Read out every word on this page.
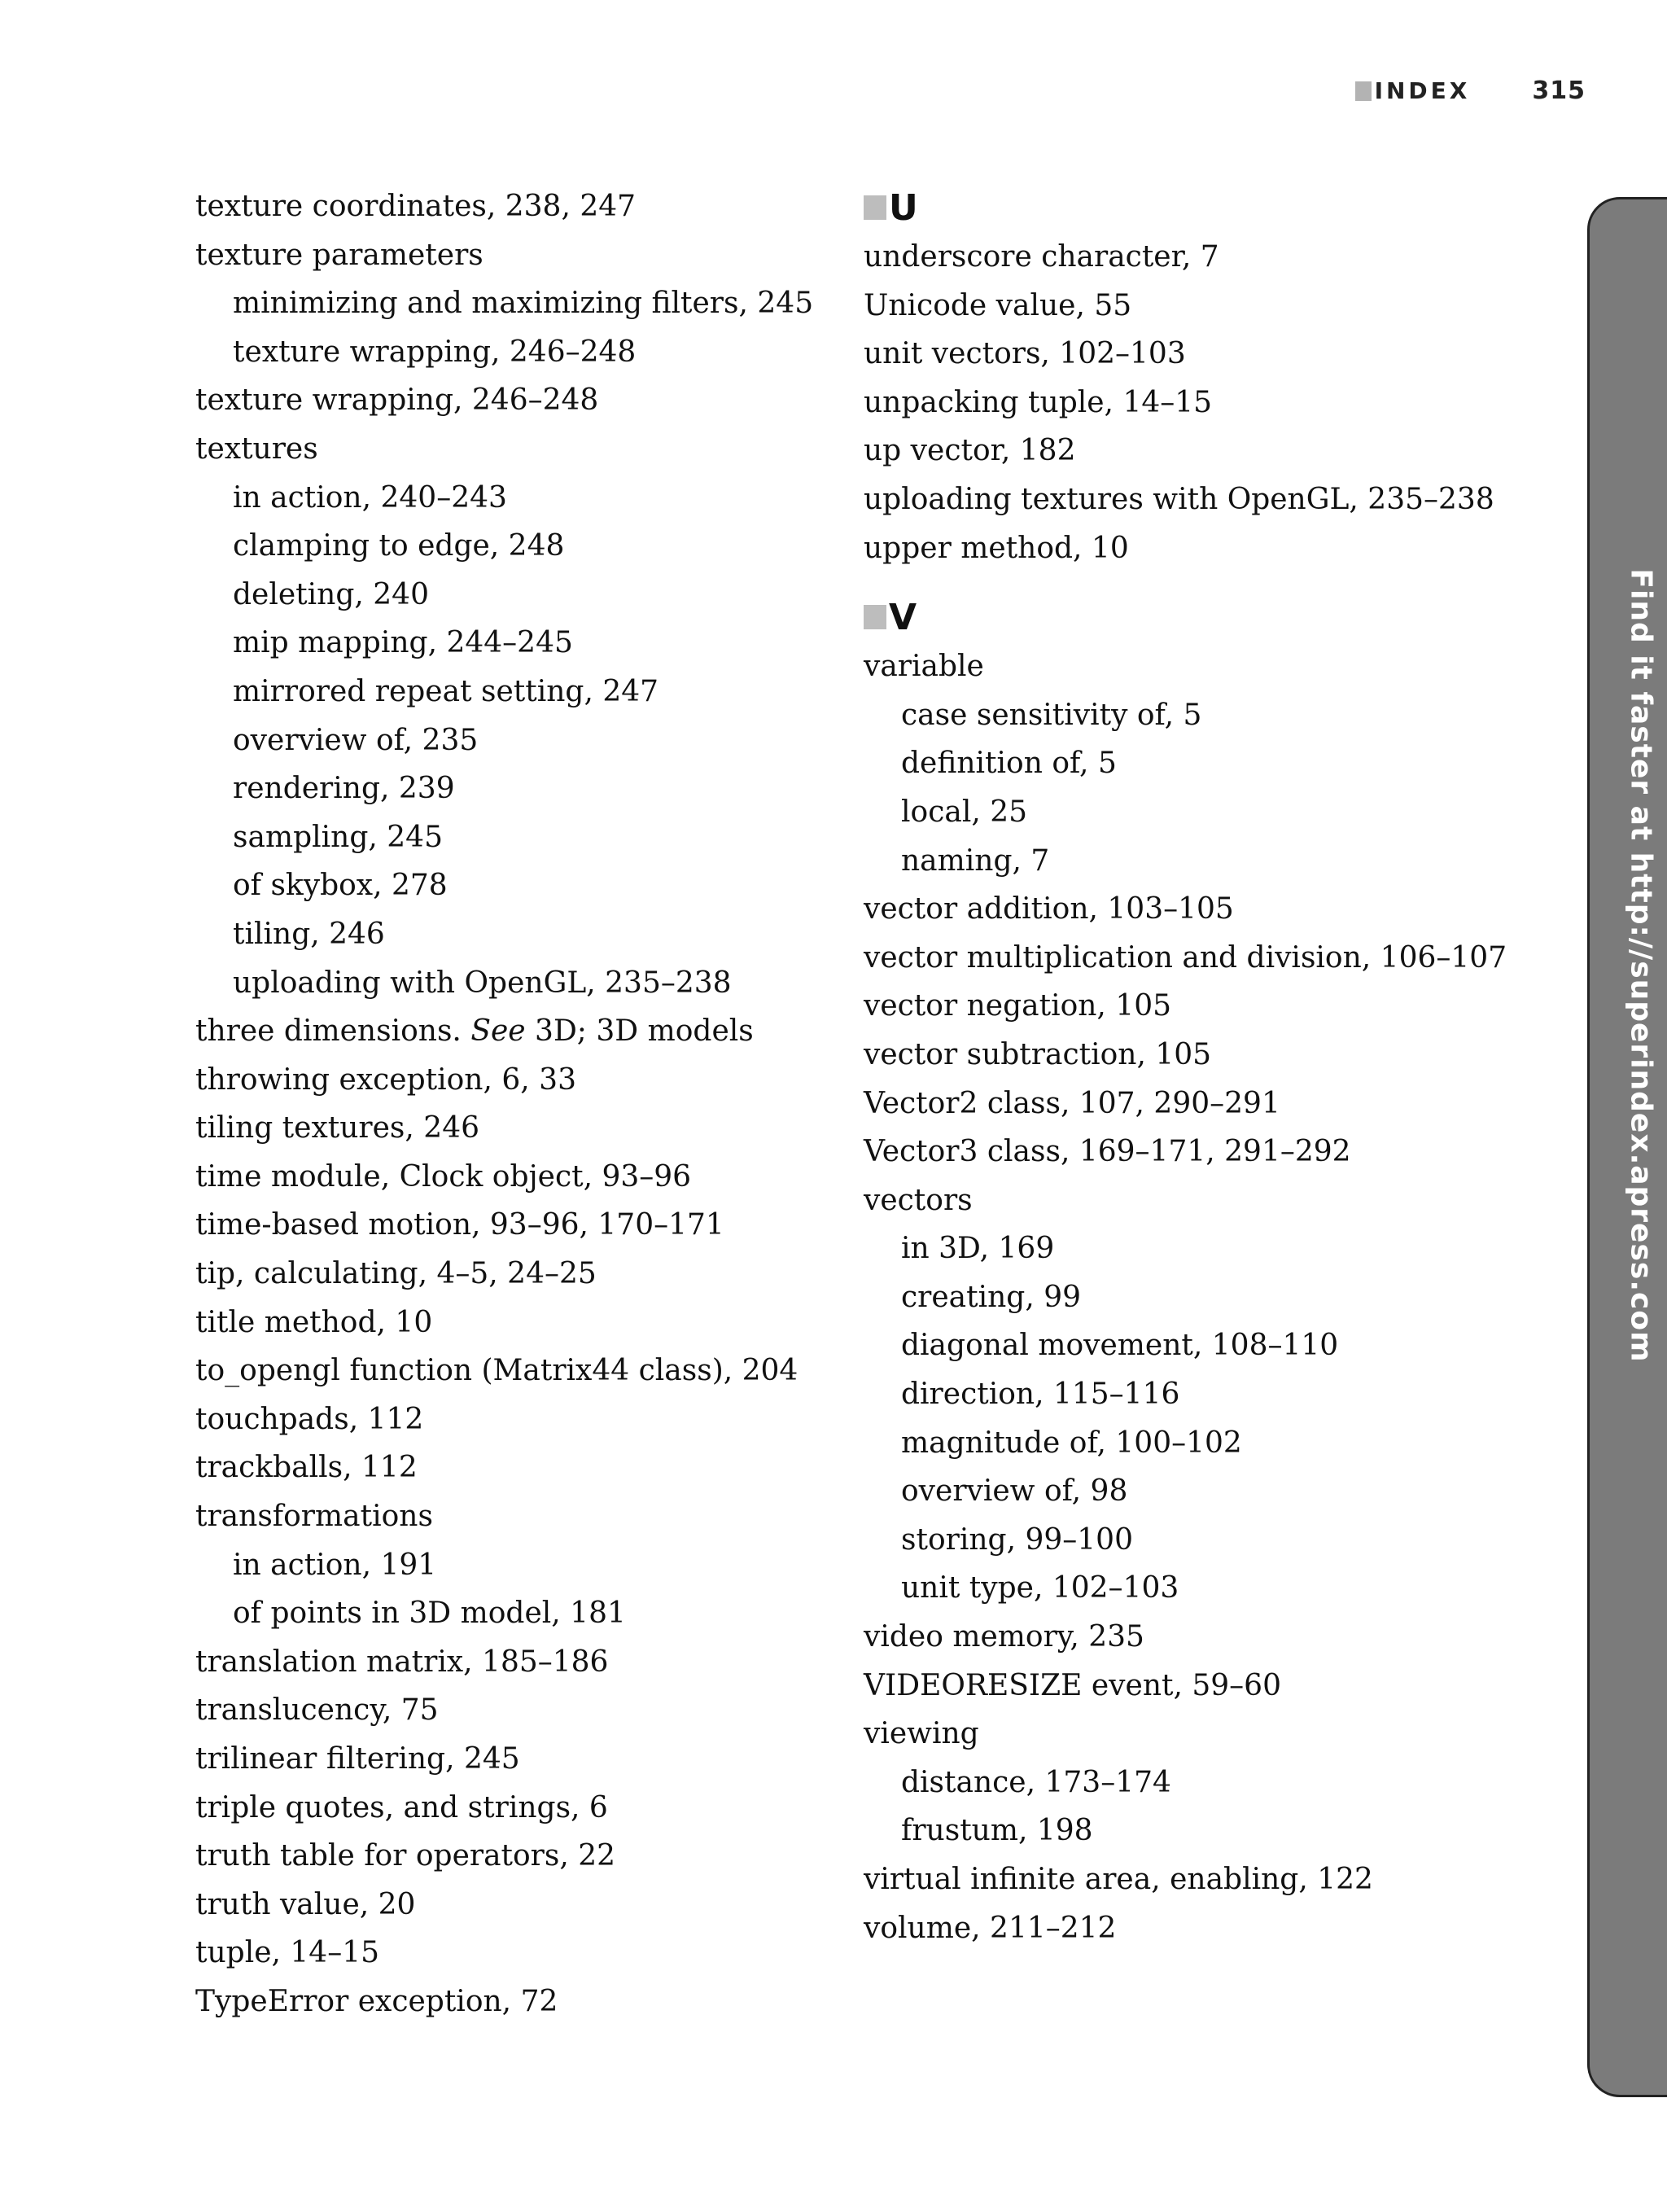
INDEX	315
texture coordinates, 238, 247
texture parameters
minimizing and maximizing filters, 245
texture wrapping, 246–248
texture wrapping, 246–248
textures
in action, 240–243
clamping to edge, 248
deleting, 240
mip mapping, 244–245
mirrored repeat setting, 247
overview of, 235
rendering, 239
sampling, 245
of skybox, 278
tiling, 246
uploading with OpenGL, 235–238
three dimensions. See 3D; 3D models
throwing exception, 6, 33
tiling textures, 246
time module, Clock object, 93–96
time-based motion, 93–96, 170–171
tip, calculating, 4–5, 24–25
title method, 10
to_opengl function (Matrix44 class), 204
touchpads, 112
trackballs, 112
transformations
in action, 191
of points in 3D model, 181
translation matrix, 185–186
translucency, 75
trilinear filtering, 245
triple quotes, and strings, 6
truth table for operators, 22
truth value, 20
tuple, 14–15
TypeError exception, 72
U
underscore character, 7
Unicode value, 55
unit vectors, 102–103
unpacking tuple, 14–15
up vector, 182
uploading textures with OpenGL, 235–238
upper method, 10
V
variable
case sensitivity of, 5
definition of, 5
local, 25
naming, 7
vector addition, 103–105
vector multiplication and division, 106–107
vector negation, 105
vector subtraction, 105
Vector2 class, 107, 290–291
Vector3 class, 169–171, 291–292
vectors
in 3D, 169
creating, 99
diagonal movement, 108–110
direction, 115–116
magnitude of, 100–102
overview of, 98
storing, 99–100
unit type, 102–103
video memory, 235
VIDEORESIZE event, 59–60
viewing
distance, 173–174
frustum, 198
virtual infinite area, enabling, 122
volume, 211–212
Find it faster at http://superindex.apress.com
